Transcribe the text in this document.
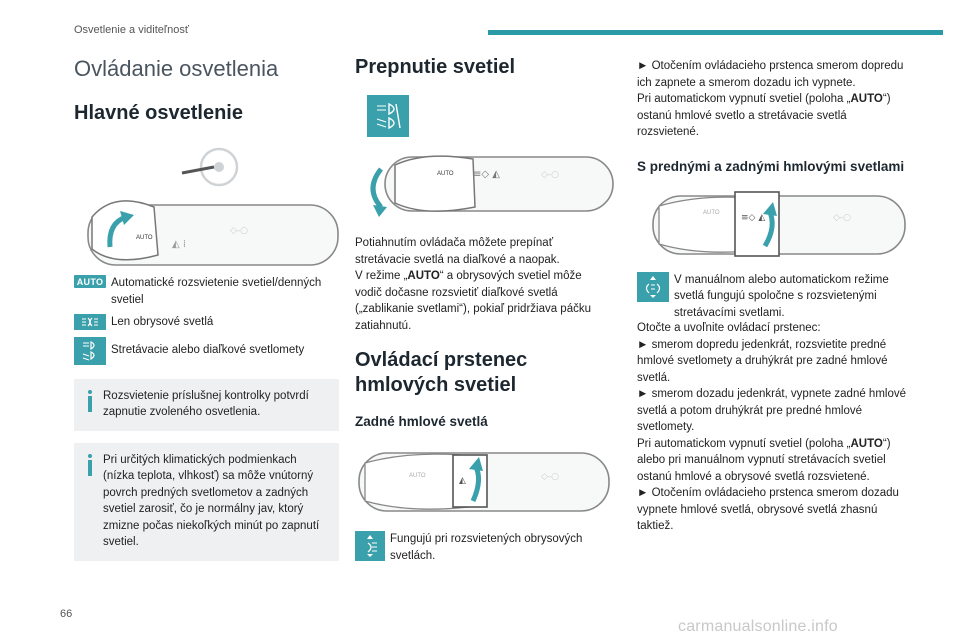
Osvetlenie a viditeľnosť
Ovládanie osvetlenia
Hlavné osvetlenie
AUTO
◭ ⁞
◇-○
AUTO Automatické rozsvietenie svetiel/denných svetiel
Len obrysové svetlá
Stretávacie alebo diaľkové svetlomety
Rozsvietenie príslušnej kontrolky potvrdí zapnutie zvoleného osvetlenia.
Pri určitých klimatických podmienkach (nízka teplota, vlhkosť) sa môže vnútorný povrch predných svetlometov a zadných svetiel zarosiť, čo je normálny jav, ktorý zmizne počas niekoľkých minút po zapnutí svetiel.
Prepnutie svetiel
AUTO ≡◇ ◭	◇-○

Potiahnutím ovládača môžete prepínať stretávacie svetlá na diaľkové a naopak.

V režime „AUTO“ a obrysových svetiel môže vodič dočasne rozsvietiť diaľkové svetlá („zablikanie svetlami“), pokiaľ pridržiava páčku zatiahnutú.

Ovládací prstenec hmlových svetiel
Zadné hmlové svetlá
AUTO	◭	◇-○
Fungujú pri rozsvietených obrysových svetlách.

► Otočením ovládacieho prstenca smerom dopredu ich zapnete a smerom dozadu ich vypnete.

Pri automatickom vypnutí svetiel (poloha „AUTO“) ostanú hmlové svetlo a stretávacie svetlá rozsvietené.

S prednými a zadnými hmlovými svetlami
AUTO ≡◇ ◭	◇-○
V manuálnom alebo automatickom režime svetlá fungujú spoločne s rozsvietenými stretávacími svetlami.

Otočte a uvoľnite ovládací prstenec:

► smerom dopredu jedenkrát, rozsvietite predné hmlové svetlomety a druhýkrát pre zadné hmlové svetlá.

► smerom dozadu jedenkrát, vypnete zadné hmlové svetlá a potom druhýkrát pre predné hmlové svetlomety.

Pri automatickom vypnutí svetiel (poloha „AUTO“) alebo pri manuálnom vypnutí stretávacích svetiel ostanú hmlové a obrysové svetlá rozsvietené.

► Otočením ovládacieho prstenca smerom dozadu vypnete hmlové svetlá, obrysové svetlá zhasnú taktiež.

66
carmanualsonline.info
